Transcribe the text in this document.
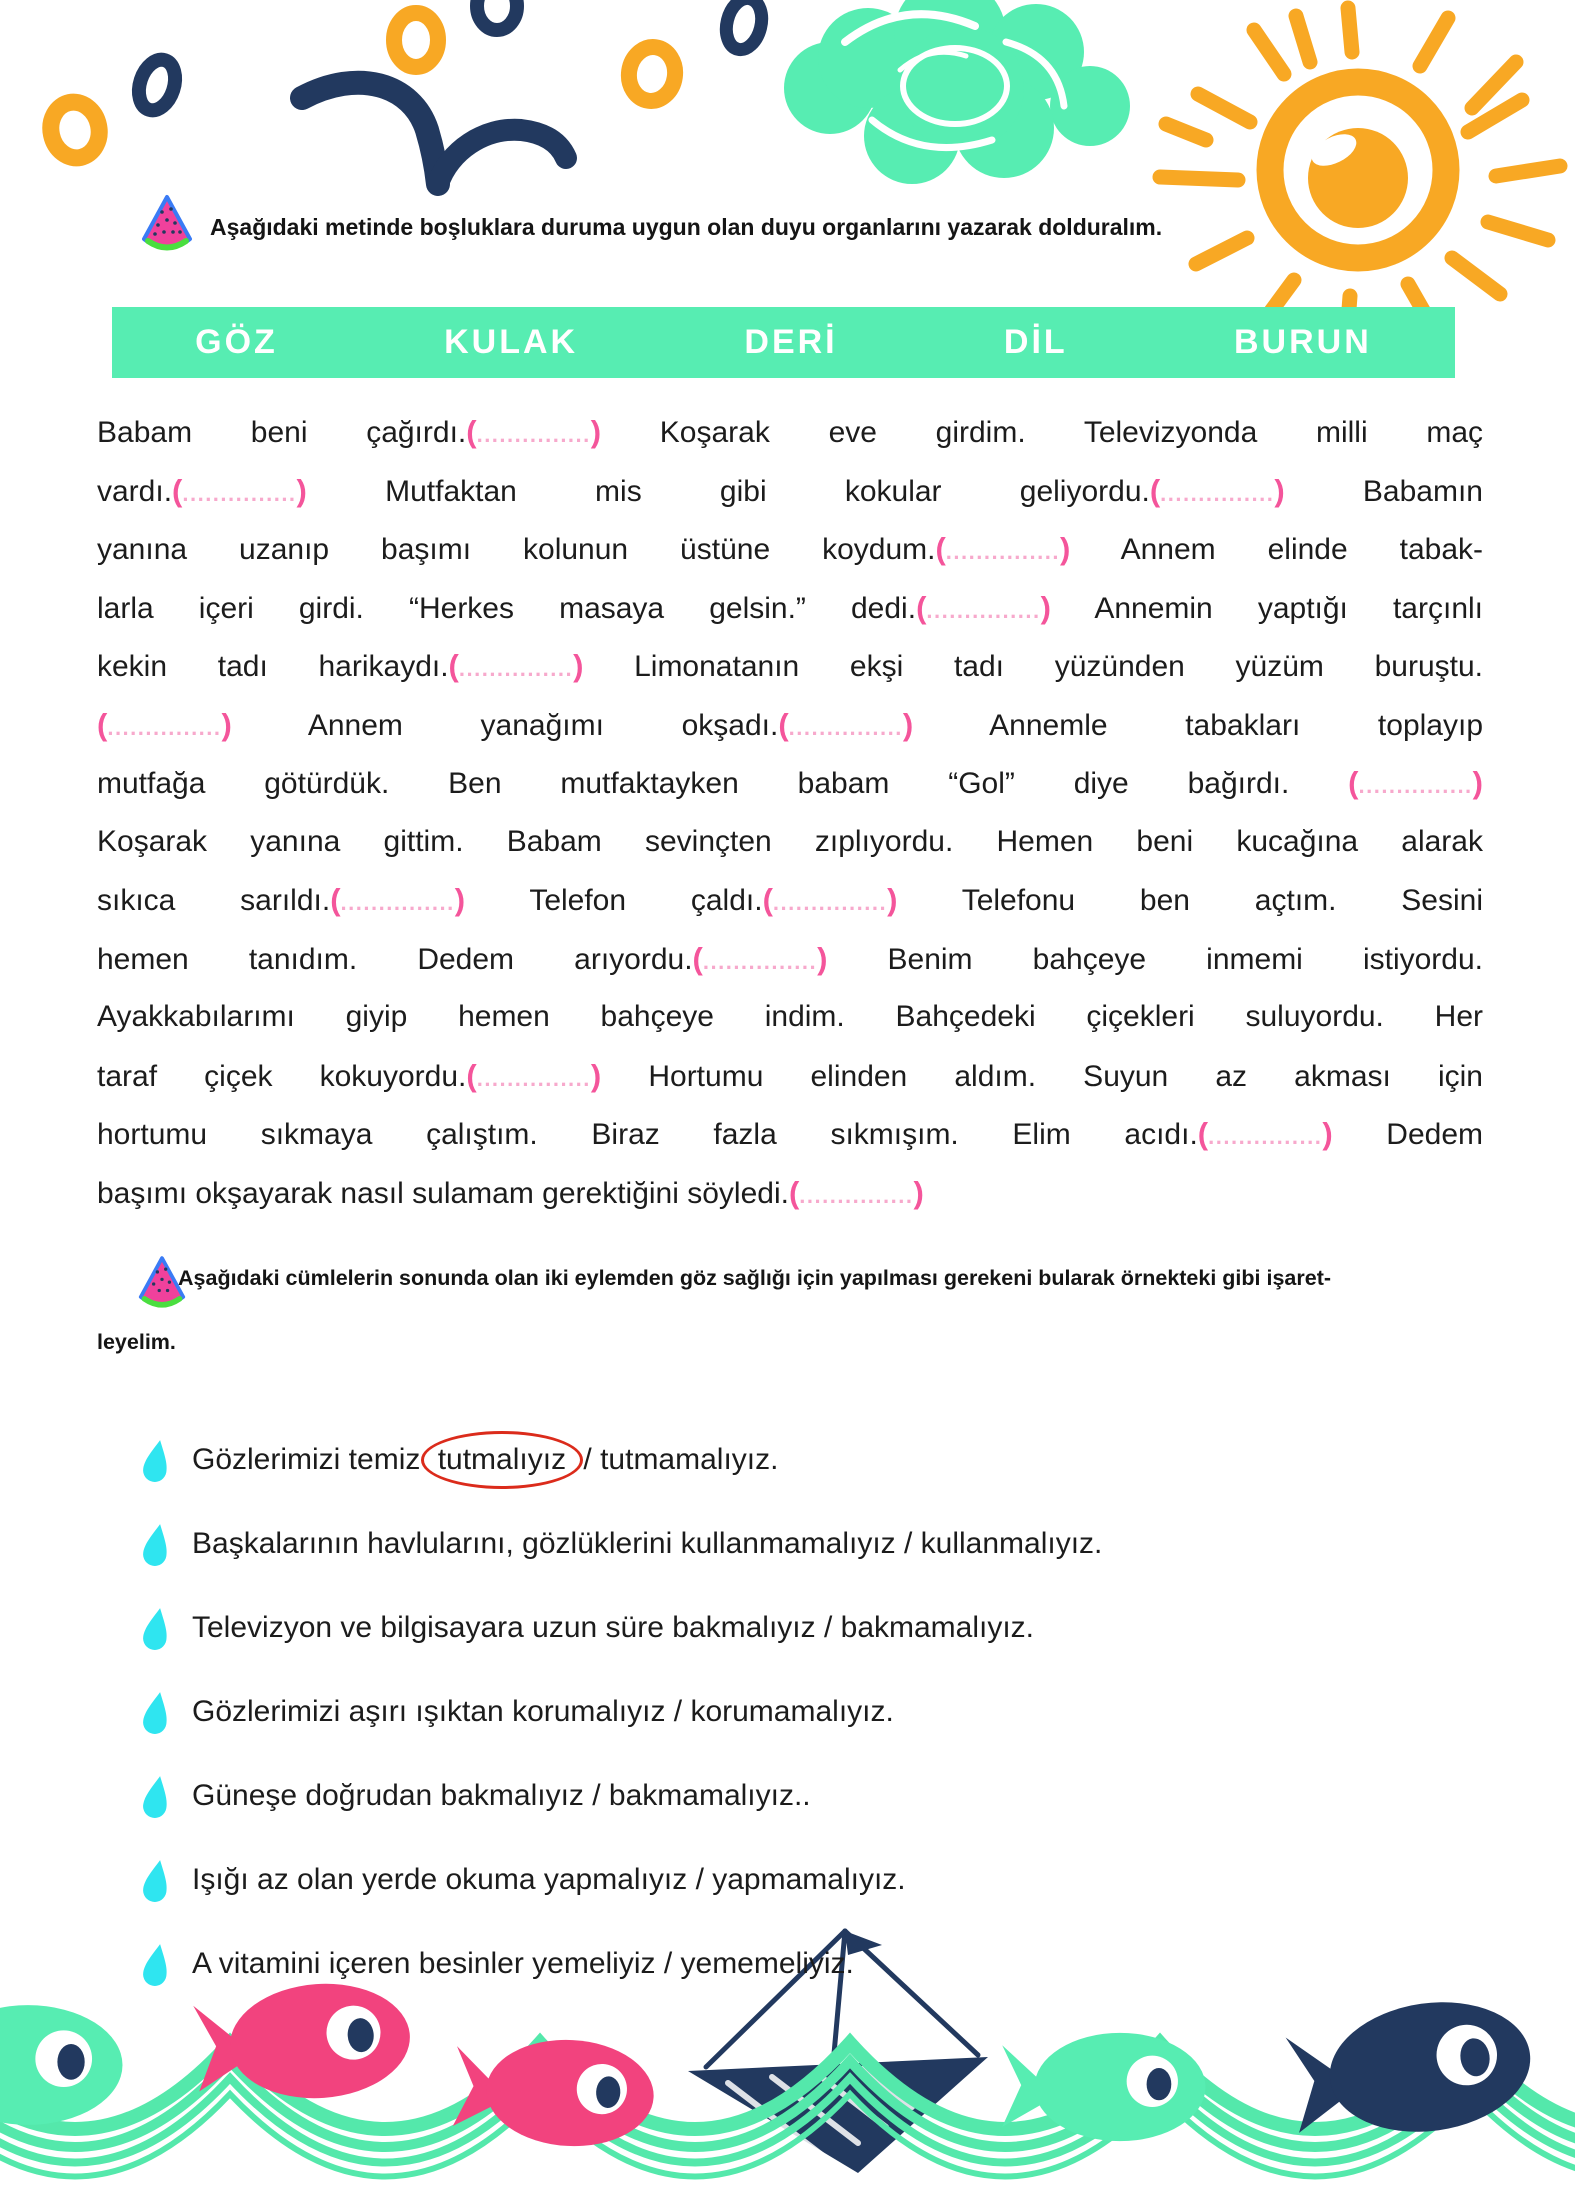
Aşağıdaki metinde boşluklara duruma uygun olan duyu organlarını yazarak dolduralım.
GÖZ	KULAK	DERİ	DİL	BURUN
Babam beni çağırdı.(...............) Koşarak eve girdim. Televizyonda milli maç
vardı.(...............) Mutfaktan mis gibi kokular geliyordu.(...............) Babamın
yanına uzanıp başımı kolunun üstüne koydum.(...............) Annem elinde tabak-
larla içeri girdi. “Herkes masaya gelsin.” dedi.(...............) Annemin yaptığı tarçınlı
kekin tadı harikaydı.(...............) Limonatanın ekşi tadı yüzünden yüzüm buruştu.
(...............) Annem yanağımı okşadı.(...............) Annemle tabakları toplayıp
mutfağa götürdük. Ben mutfaktayken babam “Gol” diye bağırdı. (...............)
Koşarak yanına gittim. Babam sevinçten zıplıyordu. Hemen beni kucağına alarak
sıkıca sarıldı.(...............) Telefon çaldı.(...............) Telefonu ben açtım. Sesini
hemen tanıdım. Dedem arıyordu.(...............) Benim bahçeye inmemi istiyordu.
Ayakkabılarımı giyip hemen bahçeye indim. Bahçedeki çiçekleri suluyordu. Her
taraf çiçek kokuyordu.(...............) Hortumu elinden aldım. Suyun az akması için
hortumu sıkmaya çalıştım. Biraz fazla sıkmışım. Elim acıdı.(...............) Dedem
başımı okşayarak nasıl sulamam gerektiğini söyledi.(...............)
Aşağıdaki cümlelerin sonunda olan iki eylemden göz sağlığı için yapılması gerekeni bularak örnekteki gibi işaret-
leyelim.
Gözlerimizi temiz tutmalıyız / tutmamalıyız.
Başkalarının havlularını, gözlüklerini kullanmamalıyız / kullanmalıyız.
Televizyon ve bilgisayara uzun süre bakmalıyız / bakmamalıyız.
Gözlerimizi aşırı ışıktan korumalıyız / korumamalıyız.
Güneşe doğrudan bakmalıyız / bakmamalıyız..
Işığı az olan yerde okuma yapmalıyız / yapmamalıyız.
A vitamini içeren besinler yemeliyiz / yememeliyiz.
